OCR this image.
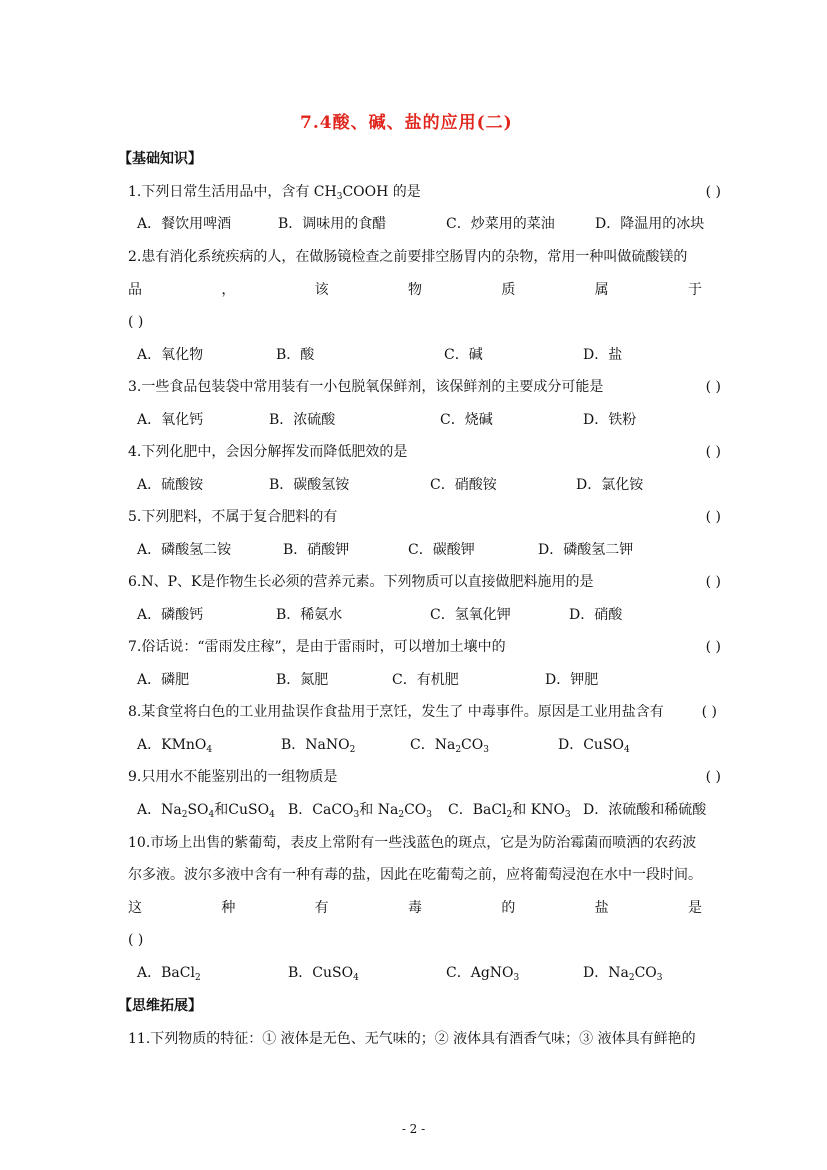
7.4酸、碱、盐的应用(二)
【基础知识】
1.下列日常生活用品中，含有 $CH_3COOH$ 的是	( )
A．餐饮用啤酒	B．调味用的食醋	C．炒菜用的菜油	D．降温用的冰块
2.患有消化系统疾病的人，在做肠镜检查之前要排空肠胃内的杂物，常用一种叫做硫酸镁的
品	，	该	物	质	属	于
( )
A．氧化物	B．酸	C．碱	D．盐
3.一些食品包装袋中常用装有一小包脱氧保鲜剂，该保鲜剂的主要成分可能是	( )
A．氧化钙	B．浓硫酸	C．烧碱	D．铁粉
4.下列化肥中，会因分解挥发而降低肥效的是	( )
A．硫酸铵	B．碳酸氢铵	C．硝酸铵	D．氯化铵
5.下列肥料，不属于复合肥料的有	( )
A．磷酸氢二铵	B．硝酸钾	C．碳酸钾	D．磷酸氢二钾
6.N、P、K是作物生长必须的营养元素。下列物质可以直接做肥料施用的是	( )
A．磷酸钙	B．稀氨水	C．氢氧化钾	D．硝酸
7.俗话说：“雷雨发庄稼”，是由于雷雨时，可以增加土壤中的	( )
A．磷肥	B．氮肥	C．有机肥	D．钾肥
8.某食堂将白色的工业用盐误作食盐用于烹饪，发生了 中毒事件。原因是工业用盐含有	( )
A．KMnO$_4$	B．NaNO$_2$	C．$Na_2CO_3$	D．CuSO$_4$
9.只用水不能鉴别出的一组物质是	( )
A．$Na_2SO_4$和CuSO$_4$ B．CaCO$_3$和 $Na_2CO_3$ C．BaCl$_2$和 $KNO_3$ D．浓硫酸和稀硫酸
10.市场上出售的紫葡萄，表皮上常附有一些浅蓝色的斑点，它是为防治霉菌而喷洒的农药波
尔多液。波尔多液中含有一种有毒的盐，因此在吃葡萄之前，应将葡萄浸泡在水中一段时间。
这	种	有	毒	的	盐	是
( )
A．BaCl$_2$	B．CuSO$_4$	C．AgNO$_3$	D．$Na_2CO_3$
【思维拓展】
11.下列物质的特征：① 液体是无色、无气味的；② 液体具有酒香气味；③ 液体具有鲜艳的
- 2 -
